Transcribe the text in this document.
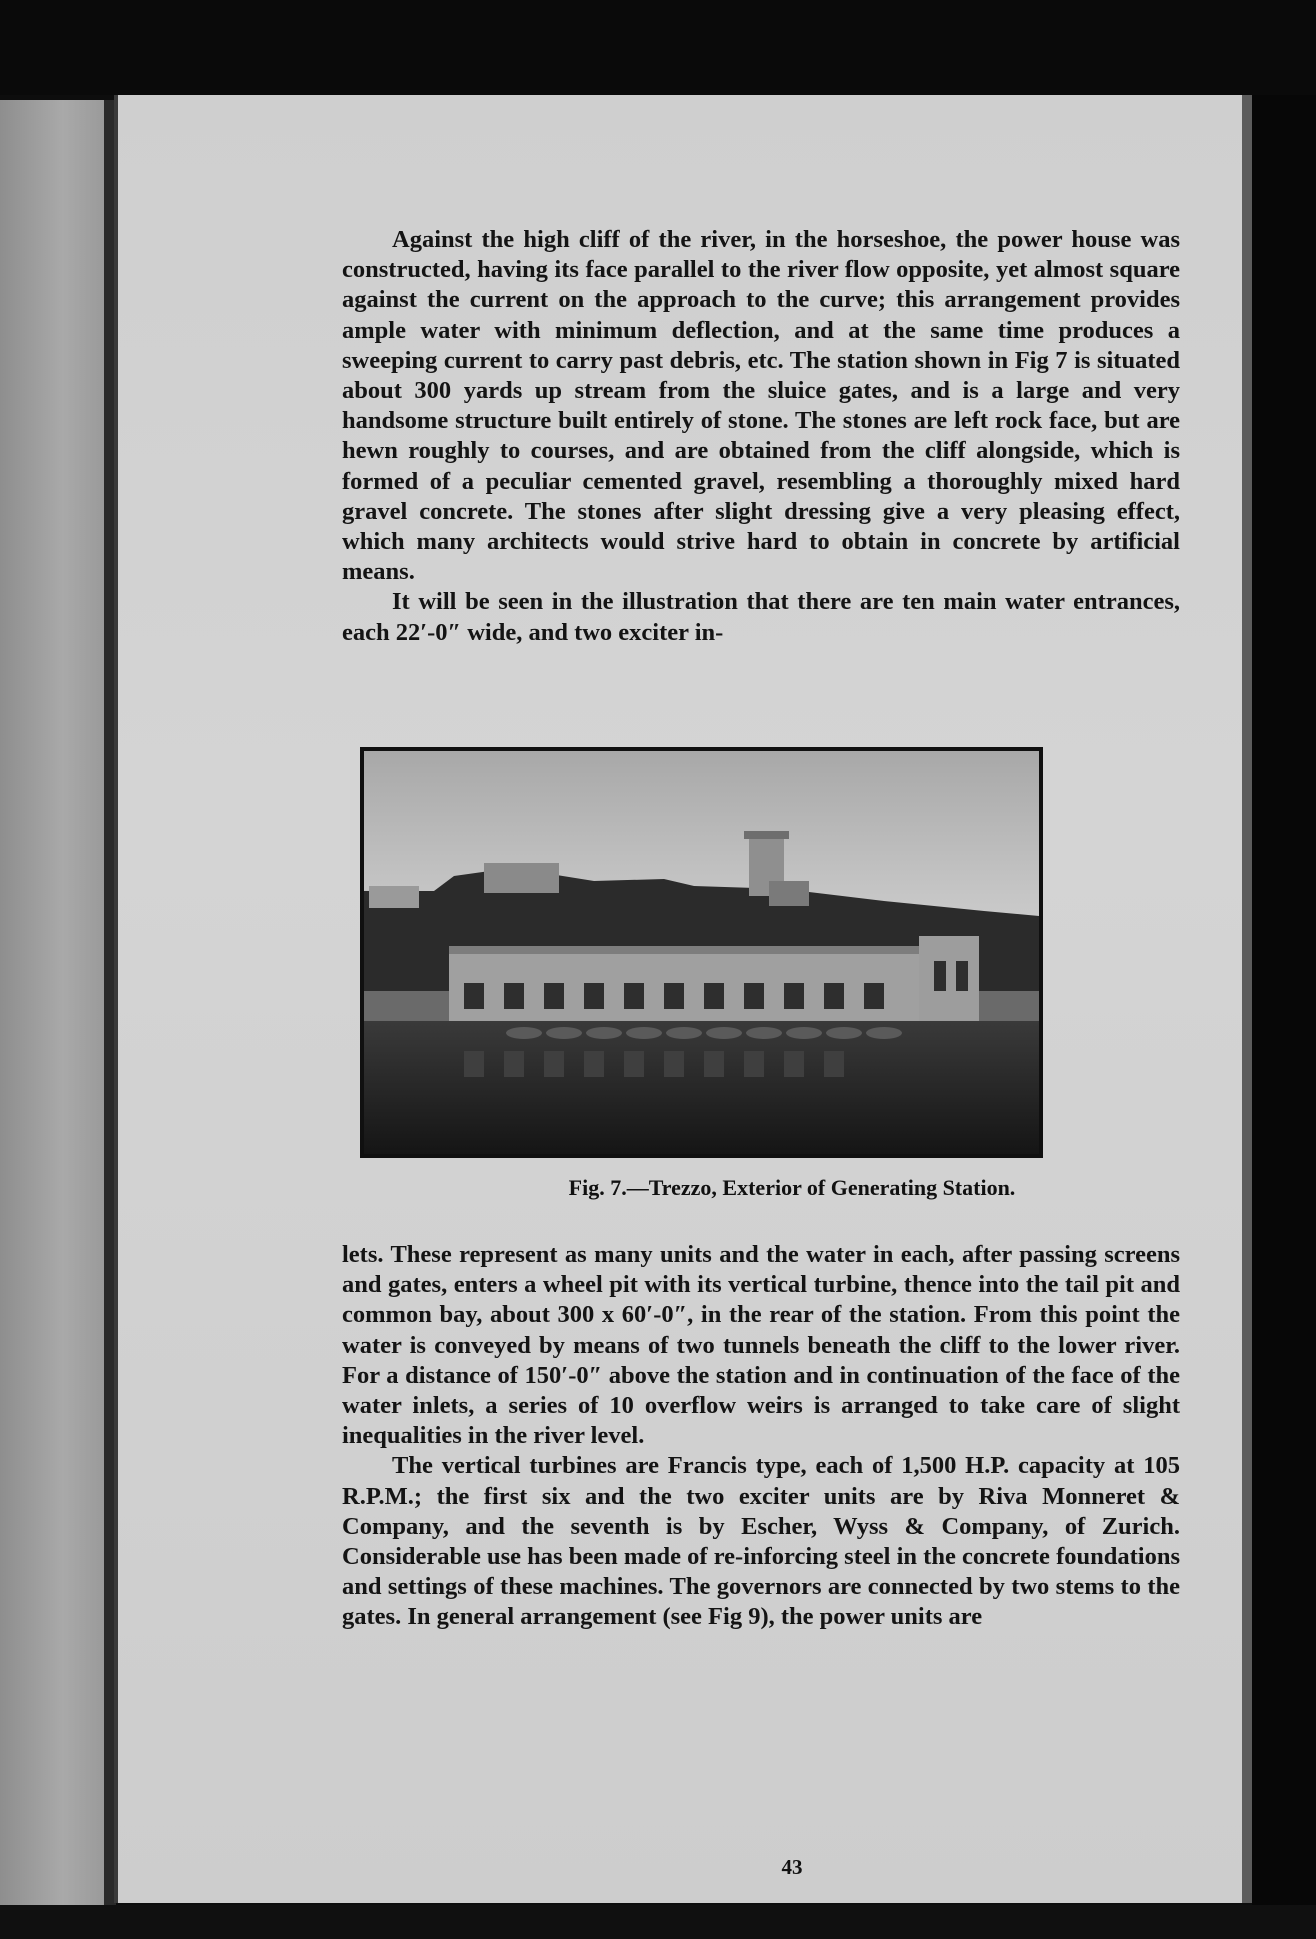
Against the high cliff of the river, in the horseshoe, the power house was constructed, having its face parallel to the river flow opposite, yet almost square against the current on the approach to the curve; this arrangement provides ample water with minimum deflection, and at the same time produces a sweeping current to carry past debris, etc. The station shown in Fig 7 is situated about 300 yards up stream from the sluice gates, and is a large and very handsome structure built entirely of stone. The stones are left rock face, but are hewn roughly to courses, and are obtained from the cliff alongside, which is formed of a peculiar cemented gravel, resembling a thoroughly mixed hard gravel concrete. The stones after slight dressing give a very pleasing effect, which many architects would strive hard to obtain in concrete by artificial means.

It will be seen in the illustration that there are ten main water entrances, each 22′-0″ wide, and two exciter in-

Fig. 7.—Trezzo, Exterior of Generating Station.

lets. These represent as many units and the water in each, after passing screens and gates, enters a wheel pit with its vertical turbine, thence into the tail pit and common bay, about 300 x 60′-0″, in the rear of the station. From this point the water is conveyed by means of two tunnels beneath the cliff to the lower river. For a distance of 150′-0″ above the station and in continuation of the face of the water inlets, a series of 10 overflow weirs is arranged to take care of slight inequalities in the river level.

The vertical turbines are Francis type, each of 1,500 H.P. capacity at 105 R.P.M.; the first six and the two exciter units are by Riva Monneret & Company, and the seventh is by Escher, Wyss & Company, of Zurich. Considerable use has been made of re-inforcing steel in the concrete foundations and settings of these machines. The governors are connected by two stems to the gates. In general arrangement (see Fig 9), the power units are

43
